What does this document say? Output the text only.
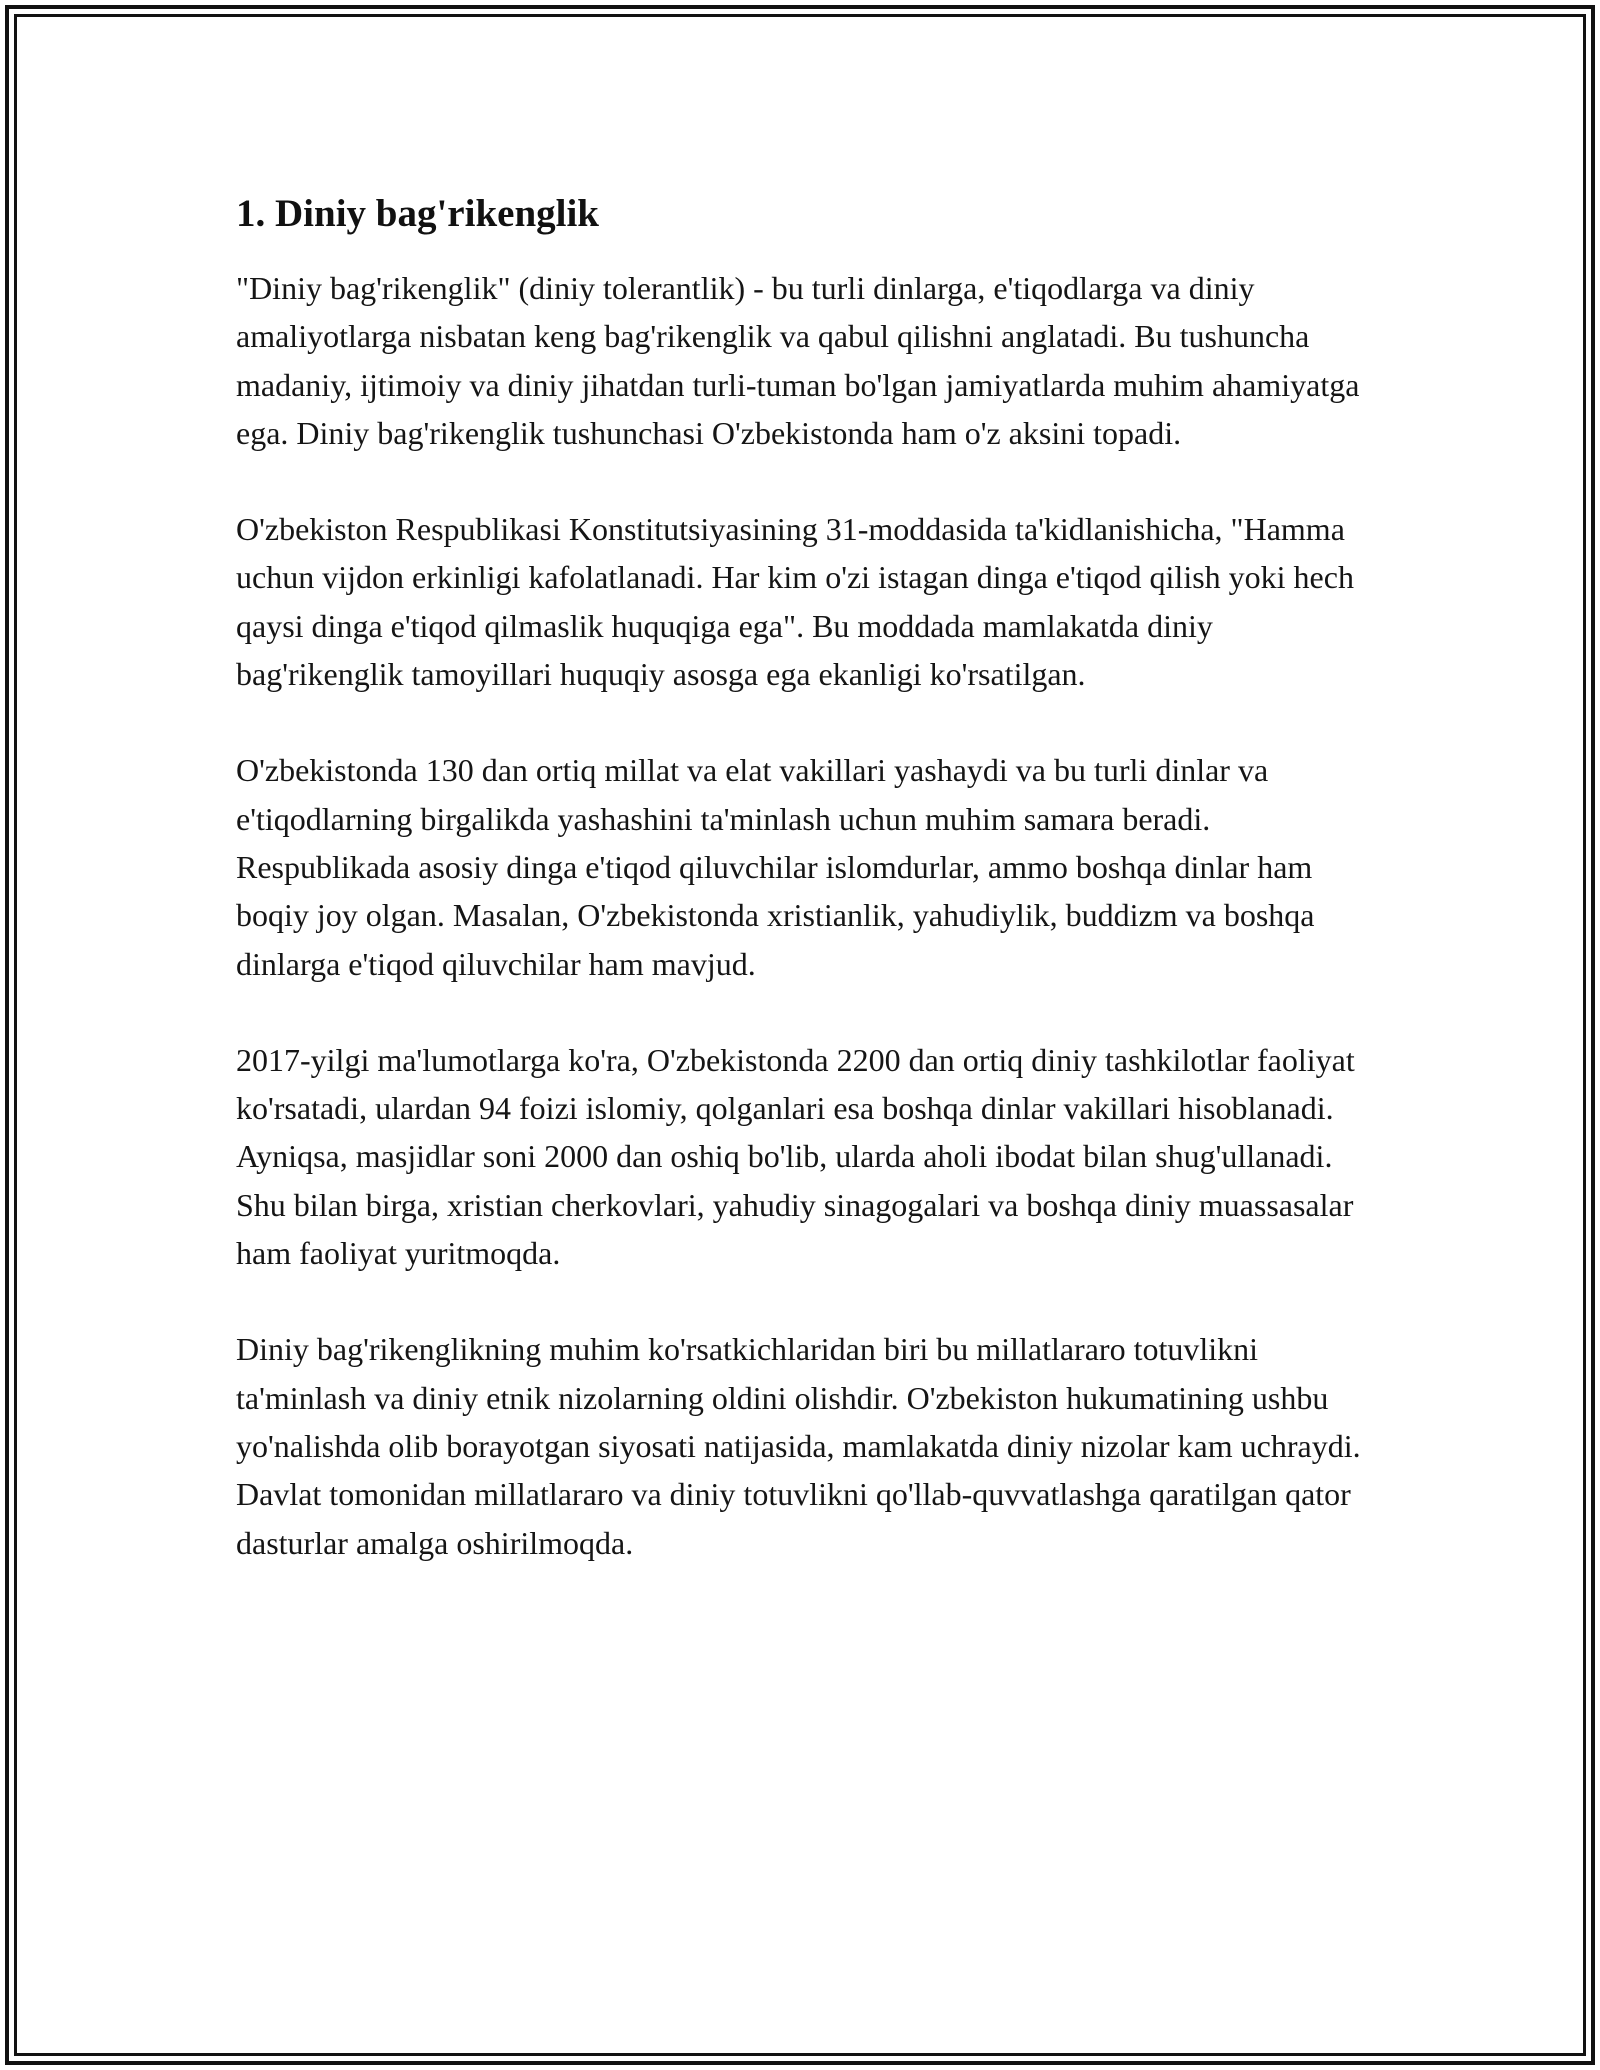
1. Diniy bag'rikenglik

"Diniy bag'rikenglik" (diniy tolerantlik) - bu turli dinlarga, e'tiqodlarga va diniy amaliyotlarga nisbatan keng bag'rikenglik va qabul qilishni anglatadi. Bu tushuncha madaniy, ijtimoiy va diniy jihatdan turli-tuman bo'lgan jamiyatlarda muhim ahamiyatga ega. Diniy bag'rikenglik tushunchasi O'zbekistonda ham o'z aksini topadi.

O'zbekiston Respublikasi Konstitutsiyasining 31-moddasida ta'kidlanishicha, "Hamma uchun vijdon erkinligi kafolatlanadi. Har kim o'zi istagan dinga e'tiqod qilish yoki hech qaysi dinga e'tiqod qilmaslik huquqiga ega". Bu moddada mamlakatda diniy bag'rikenglik tamoyillari huquqiy asosga ega ekanligi ko'rsatilgan.

O'zbekistonda 130 dan ortiq millat va elat vakillari yashaydi va bu turli dinlar va e'tiqodlarning birgalikda yashashini ta'minlash uchun muhim samara beradi. Respublikada asosiy dinga e'tiqod qiluvchilar islomdurlar, ammo boshqa dinlar ham boqiy joy olgan. Masalan, O'zbekistonda xristianlik, yahudiylik, buddizm va boshqa dinlarga e'tiqod qiluvchilar ham mavjud.

2017-yilgi ma'lumotlarga ko'ra, O'zbekistonda 2200 dan ortiq diniy tashkilotlar faoliyat ko'rsatadi, ulardan 94 foizi islomiy, qolganlari esa boshqa dinlar vakillari hisoblanadi. Ayniqsa, masjidlar soni 2000 dan oshiq bo'lib, ularda aholi ibodat bilan shug'ullanadi. Shu bilan birga, xristian cherkovlari, yahudiy sinagogalari va boshqa diniy muassasalar ham faoliyat yuritmoqda.

Diniy bag'rikenglikning muhim ko'rsatkichlaridan biri bu millatlararo totuvlikni ta'minlash va diniy etnik nizolarning oldini olishdir. O'zbekiston hukumatining ushbu yo'nalishda olib borayotgan siyosati natijasida, mamlakatda diniy nizolar kam uchraydi. Davlat tomonidan millatlararo va diniy totuvlikni qo'llab-quvvatlashga qaratilgan qator dasturlar amalga oshirilmoqda.
